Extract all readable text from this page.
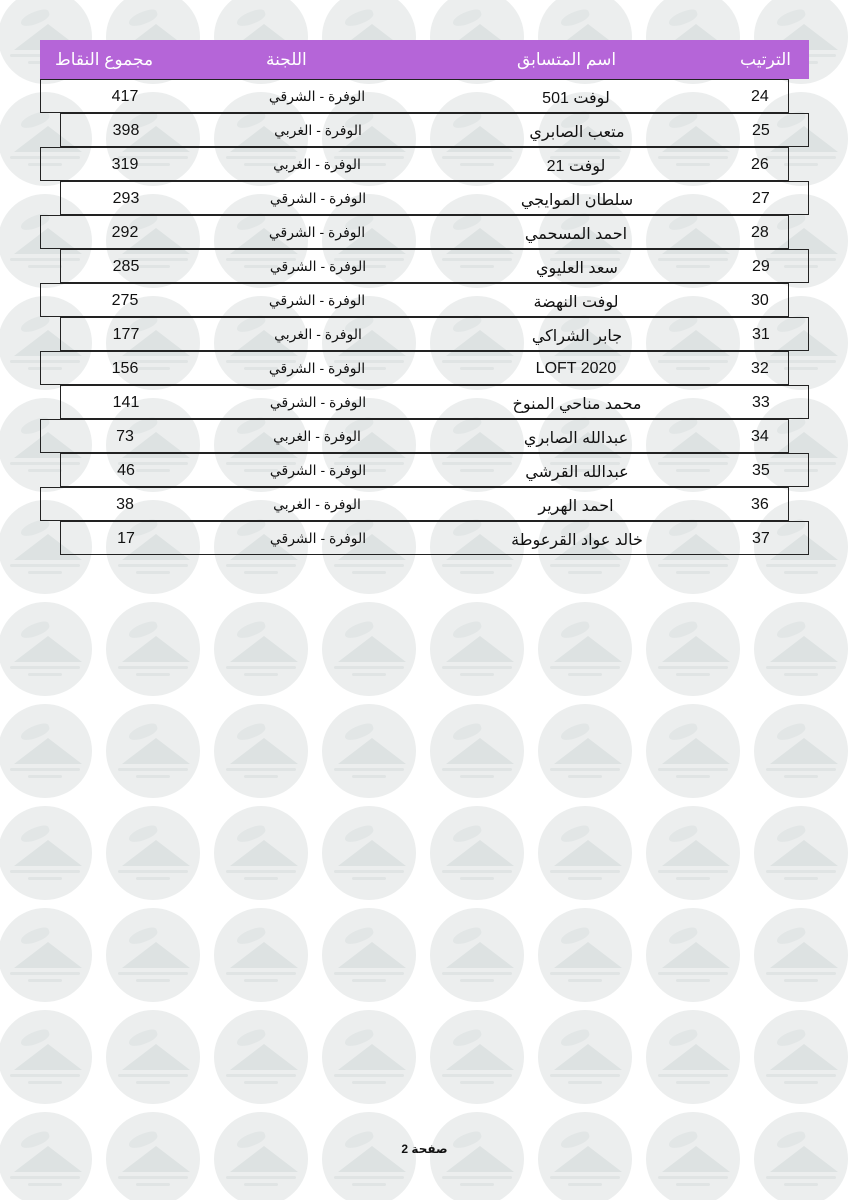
الترتيب
اسم المتسابق
اللجنة
مجموع النقاط
24
لوفت 501
الوفرة - الشرقي
417
25
متعب الصابري
الوفرة - الغربي
398
26
لوفت 21
الوفرة - الغربي
319
27
سلطان الموايجي
الوفرة - الشرقي
293
28
احمد المسحمي
الوفرة - الشرقي
292
29
سعد العليوي
الوفرة - الشرقي
285
30
لوفت النهضة
الوفرة - الشرقي
275
31
جابر الشراكي
الوفرة - الغربي
177
32
LOFT 2020
الوفرة - الشرقي
156
33
محمد مناحي المنوخ
الوفرة - الشرقي
141
34
عبدالله الصابري
الوفرة - الغربي
73
35
عبدالله القرشي
الوفرة - الشرقي
46
36
احمد الهرير
الوفرة - الغربي
38
37
خالد عواد القرعوطة
الوفرة - الشرقي
17
صفحة 2
